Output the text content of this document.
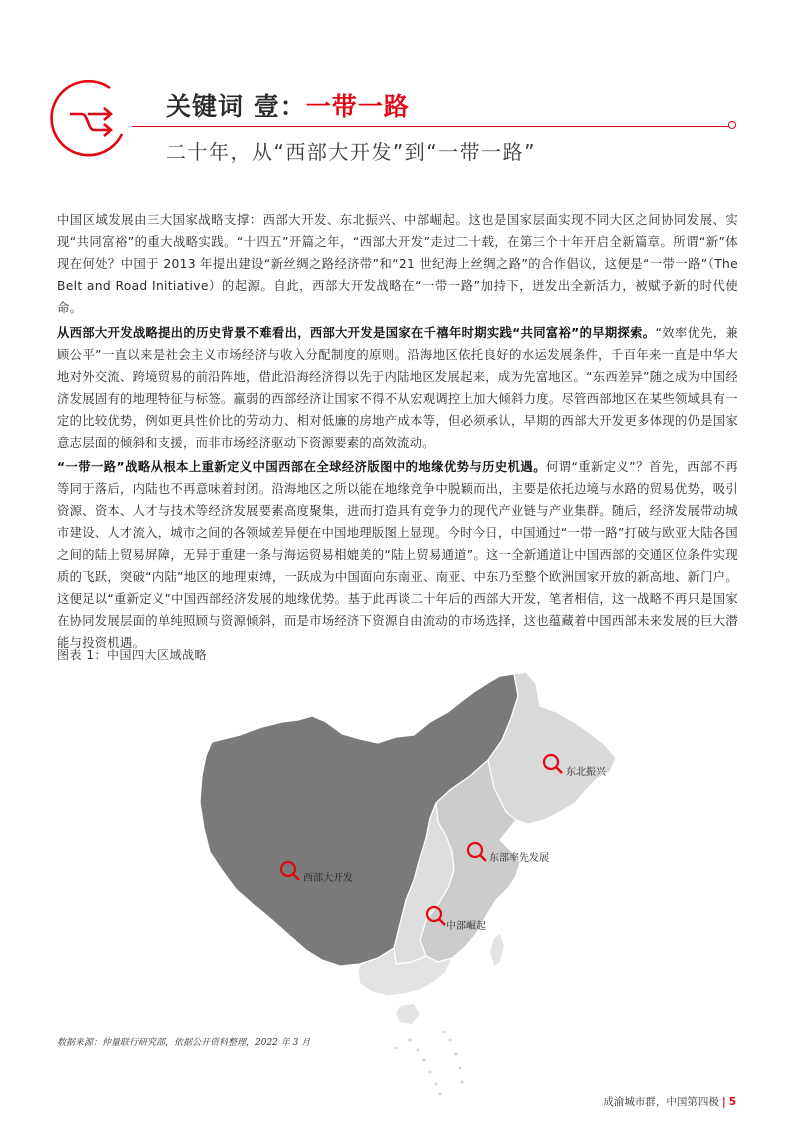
关键词 壹：一带一路
二十年，从“西部大开发”到“一带一路”

中国区域发展由三大国家战略支撑：西部大开发、东北振兴、中部崛起。这也是国家层面实现不同大区之间协同发展、实现“共同富裕”的重大战略实践。“十四五”开篇之年，“西部大开发”走过二十载，在第三个十年开启全新篇章。所谓“新”体现在何处？中国于 2013 年提出建设“新丝绸之路经济带”和“21 世纪海上丝绸之路”的合作倡议，这便是“一带一路”（The Belt and Road Initiative）的起源。自此，西部大开发战略在“一带一路”加持下，迸发出全新活力，被赋予新的时代使命。

从西部大开发战略提出的历史背景不难看出，西部大开发是国家在千禧年时期实践“共同富裕”的早期探索。“效率优先，兼顾公平”一直以来是社会主义市场经济与收入分配制度的原则。沿海地区依托良好的水运发展条件，千百年来一直是中华大地对外交流、跨境贸易的前沿阵地，借此沿海经济得以先于内陆地区发展起来，成为先富地区。“东西差异”随之成为中国经济发展固有的地理特征与标签。羸弱的西部经济让国家不得不从宏观调控上加大倾斜力度。尽管西部地区在某些领域具有一定的比较优势，例如更具性价比的劳动力、相对低廉的房地产成本等，但必须承认，早期的西部大开发更多体现的仍是国家意志层面的倾斜和支援，而非市场经济驱动下资源要素的高效流动。

“一带一路”战略从根本上重新定义中国西部在全球经济版图中的地缘优势与历史机遇。何谓“重新定义”？首先，西部不再等同于落后，内陆也不再意味着封闭。沿海地区之所以能在地缘竞争中脱颖而出，主要是依托边境与水路的贸易优势，吸引资源、资本、人才与技术等经济发展要素高度聚集，进而打造具有竞争力的现代产业链与产业集群。随后，经济发展带动城市建设、人才流入，城市之间的各领域差异便在中国地理版图上显现。今时今日，中国通过“一带一路”打破与欧亚大陆各国之间的陆上贸易屏障，无异于重建一条与海运贸易相媲美的“陆上贸易通道”。这一全新通道让中国西部的交通区位条件实现质的飞跃，突破“内陆”地区的地理束缚，一跃成为中国面向东南亚、南亚、中东乃至整个欧洲国家开放的新高地、新门户。这便足以“重新定义”中国西部经济发展的地缘优势。基于此再谈二十年后的西部大开发，笔者相信，这一战略不再只是国家在协同发展层面的单纯照顾与资源倾斜，而是市场经济下资源自由流动的市场选择，这也蕴藏着中国西部未来发展的巨大潜能与投资机遇。

图表 1：中国四大区域战略
西部大开发
东北振兴
东部率先发展
中部崛起
数据来源：仲量联行研究部，依据公开资料整理，2022 年 3 月
成渝城市群，中国第四极 | 5
